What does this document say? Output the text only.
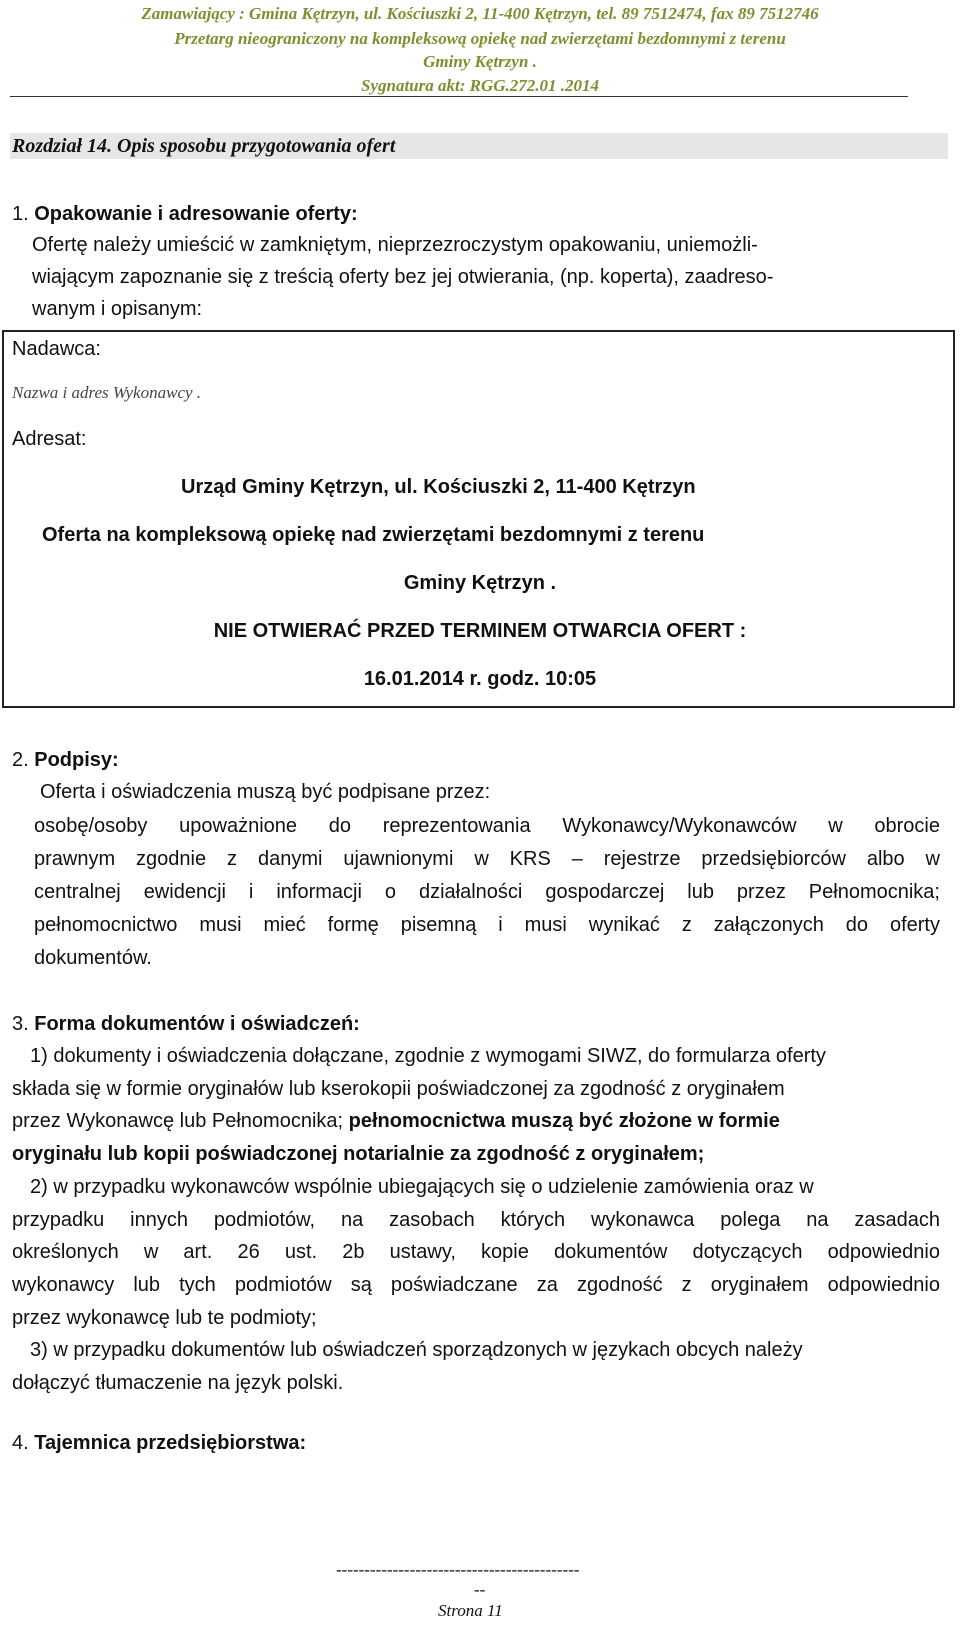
Zamawiający : Gmina Kętrzyn, ul. Kościuszki 2, 11-400 Kętrzyn, tel. 89 7512474, fax 89 7512746
Przetarg nieograniczony na kompleksową opiekę nad zwierzętami bezdomnymi z terenu
Gminy Kętrzyn .
Sygnatura akt: RGG.272.01 .2014
Rozdział 14. Opis sposobu przygotowania ofert
1. Opakowanie i adresowanie oferty:
Ofertę należy umieścić w zamkniętym, nieprzezroczystym opakowaniu, uniemożli-
wiającym zapoznanie się z treścią oferty bez jej otwierania, (np. koperta), zaadreso-
wanym i opisanym:
Nadawca:
Nazwa i adres Wykonawcy .
Adresat:
Urząd Gminy Kętrzyn, ul. Kościuszki 2, 11-400 Kętrzyn
Oferta na kompleksową opiekę nad zwierzętami bezdomnymi z terenu
Gminy Kętrzyn .
NIE OTWIERAĆ PRZED TERMINEM OTWARCIA OFERT :
16.01.2014 r. godz. 10:05
2. Podpisy:
Oferta i oświadczenia muszą być podpisane przez:
osobę/osoby upoważnione do reprezentowania Wykonawcy/Wykonawców w obrocie
prawnym zgodnie z danymi ujawnionymi w KRS – rejestrze przedsiębiorców albo w
centralnej ewidencji i informacji o działalności gospodarczej lub przez Pełnomocnika;
pełnomocnictwo musi mieć formę pisemną i musi wynikać z załączonych do oferty
dokumentów.
3. Forma dokumentów i oświadczeń:
1) dokumenty i oświadczenia dołączane, zgodnie z wymogami SIWZ, do formularza oferty
składa się w formie oryginałów lub kserokopii poświadczonej za zgodność z oryginałem
przez Wykonawcę lub Pełnomocnika; pełnomocnictwa muszą być złożone w formie
oryginału lub kopii poświadczonej notarialnie za zgodność z oryginałem;
2) w przypadku wykonawców wspólnie ubiegających się o udzielenie zamówienia oraz w
przypadku innych podmiotów, na zasobach których wykonawca polega na zasadach
określonych w art. 26 ust. 2b ustawy, kopie dokumentów dotyczących odpowiednio
wykonawcy lub tych podmiotów są poświadczane za zgodność z oryginałem odpowiednio
przez wykonawcę lub te podmioty;
3) w przypadku dokumentów lub oświadczeń sporządzonych w językach obcych należy
dołączyć tłumaczenie na język polski.
4. Tajemnica przedsiębiorstwa:
-------------------------------------------
--
Strona 11
